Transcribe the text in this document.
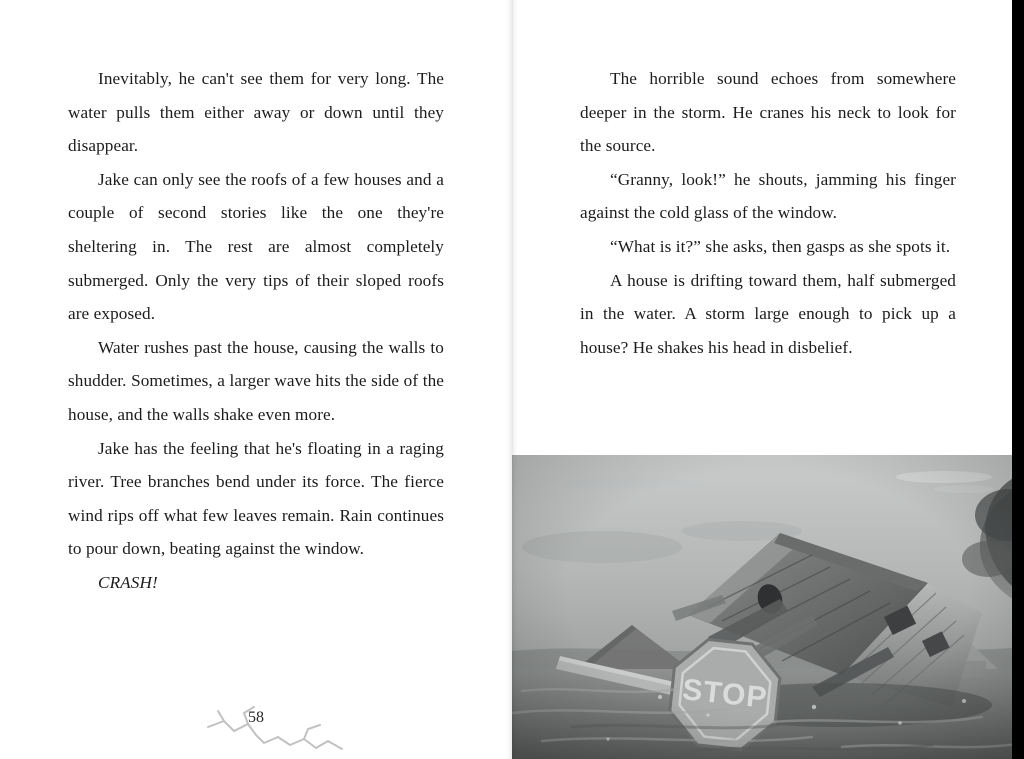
Inevitably, he can't see them for very long. The water pulls them either away or down until they disappear.

Jake can only see the roofs of a few houses and a couple of second stories like the one they're sheltering in. The rest are almost completely submerged. Only the very tips of their sloped roofs are exposed.

Water rushes past the house, causing the walls to shudder. Sometimes, a larger wave hits the side of the house, and the walls shake even more.

Jake has the feeling that he's floating in a raging river. Tree branches bend under its force. The fierce wind rips off what few leaves remain. Rain continues to pour down, beating against the window.

CRASH!

58

The horrible sound echoes from somewhere deeper in the storm. He cranes his neck to look for the source.

“Granny, look!” he shouts, jamming his finger against the cold glass of the window.

“What is it?” she asks, then gasps as she spots it.

A house is drifting toward them, half submerged in the water. A storm large enough to pick up a house? He shakes his head in disbelief.
